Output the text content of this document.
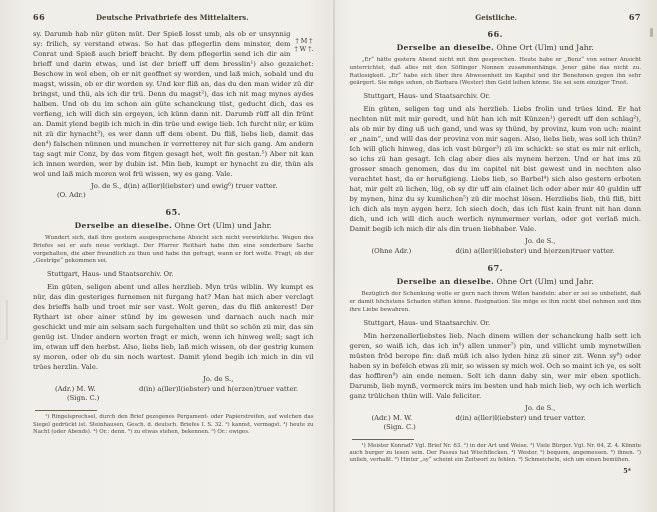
66	Deutsche Privatbriefe des Mittelalters.

† M †
† W †.
sy. Darumb hab nür güten müt. Der Spieß losst umb, als ob er unsynnig sy: frilich, sy verstand etwas. So hat das pflegerlin dem minster, dem Conrat und Spieß auch brieff bracht. By dem pflegerlin send ich dir ain brieff und darin etwas, und ist der brieff uff dem bresslin¹) also gezaichet: Beschow in wol eben, ob er nit geoffnet sy worden, und laß mich, sobald und du magst, wissin, ob er dir worden sy. Und ker fliß an, das du den man wider zü dir bringst, und thü, als ich dir trü. Denn du magst²), das ich nit mag mynes aydes halben. Und ob du im schon ain güte schanckung tüst, geducht dich, das es verfieng, ich will dich sin ergeyen, ich künn dann nit. Darumb rüff all din frünt an. Damit ylend begib ich mich in din trüe und ewige lieb. Ich furcht nür, er küm nit zü dir hynacht³), es wer dann uff dem obent. Du fliß, liebs lieb, damit das den⁴) falschen nünnen und munchen ir verretterey nit fur sich gang. Am andern tag sagt mir Conz, by das vom fitgen gesagt het, wolt fin gestan.⁵) Aber nit kan ich innen werden, wer by dubin ist. Min lieb, kumpt er hynacht zu dir, thün als wol und laß mich moren wol frü wissen, wy es gang. Vale.

Jo. de S., d(in) a(ller)l(iebster) und ewig⁶) truer vatter.
(O. Adr.)
65.
Derselbe an dieselbe. Ohne Ort (Ulm) und Jahr.

Wundert sich, daß ihre gestern ausgesprochene Absicht sich nicht verwirkliche. Wegen des Briefes sei er aufs neue verklagt. Der Pfarrer Reithart habe ihm eine sonderbare Sache vorgehalten, die aber freundlich zu thun und habe ihn gefragt, wann er fort wolle. Fragt, ob der „Gestrige“ gekommen sei.

Stuttgart, Haus- und Staatsarchiv. Or.

Ein güten, seligen abent und alles herzlieb. Myn trüs wiblin. Wy kumpt es nür, das din gesteriges furnemen nit furgang hat? Man hat mich aber verclagt des brieffs halb und troet mir ser vast. Wolt geren, das du fliß ankerest! Der Rythart ist ober ainer stünd by im gewesen und darnach auch nach mir geschickt und mir ain selsam sach furgehalten und thüt so schön zü mir, das sin genüg ist. Under andern worten fragt er mich, wenn ich hinweg well; sagt ich im, etwan uff den herbst. Also, liebs lieb, laß mich wissen, ob der gestrig kumen sy moren, oder ob du sin noch wartest. Damit ylend begib ich mich in din vil trües herzlin. Vale.

Jo. de S.,
(Adr.) M. W.	d(in) a(ller)l(iebster) und h(erzen)truer vatter.
(Sign. C.)

¹) Ringelsprechsel, durch den Brief gezogenes Pergament- oder Papierstreifen, auf welchen das Siegel gedrückt ist. Steinhausen, Gesch. d. deutsch. Briefes I. S. 32. ²) kannst, vermagst. ³) heute zu Nacht (oder Abends). ⁴) Or.: denn. ⁵) zu etwas stehen, bekennen. ⁶) Or.: ewiges.

Geistliche.	67
66.
Derselbe an dieselbe. Ohne Ort (Ulm) und Jahr.

„Er“ hätte gestern Abend nicht mit ihm gesprochen. Heute habe er „Benz“ von seiner Ansicht unterrichtet, daß alles mit den Söflinger Nonnen zusammenhänge. Jener gäbe das nicht zu. Ratlosigkeit. „Er“ habe sich über ihre Abwesenheit im Kapitel und ihr Benehmen gegen ihn sehr geärgert. Sie möge sehen, ob Barbara (Wester) ihm Geld leihen könne. Sie sei sein einziger Trost.

Stuttgart, Haus- und Staatsarchiv. Or.

Ein güten, seligen tag und als herzlieb. Liebs frolin und trües kind. Er hat nechten nüt mit mir geredt, und hüt han ich mit Künzen¹) geredt uff den schlag²), als ob mir by ding uß uch gand, und was sy thünd, by provinz, kum von uch: maint er „nain“, und will das der provinz von mir sagen. Also, liebs lieb, was soll ich thün? Ich will glich hinweg, das ich vast bürger³) zü im schickt: so stat es mir nit erlich, so ichs zü han gesagt. Ich clag aber dies als mynem herzen. Und er hat ims zü grosser smach genomen, das du im capitel nit bist gewest und in nechten also verachtet hast, da er herußgieng. Liebs lieb, so Barbel⁴) sich also gestern erboten hat, mir gelt zü lichen, lüg, ob sy dir uff ain clainet lich oder aber mir 40 guldin uff by mynen, hinz du sy kumlichen⁵) zü dir mochst lösen. Herzliebs lieb, thü fliß, bitt ich dich als myn aygen herz. Ich siech doch, das ich füst kain frunt nit han dann dich, und ich will dich auch werlich nymmermer verlan, oder got verlaß mich. Damit begib ich mich dir als din truen liebhaber. Vale.

Jo. de S.,
(Ohne Adr.)	d(in) a(ller)l(iebster) und h(erzen)truer vatter.
67.
Derselbe an dieselbe. Ohne Ort (Ulm) und Jahr.

Bezüglich der Schenkung wolle er gern nach ihrem Willen handeln: aber er sei so unbeliebt, daß er damit höchstens Schaden stiften könne. Resignation. Sie möge es ihm nicht übel nehmen und ihm ihre Liebe bewahren.

Stuttgart, Haus- und Staatsarchiv. Or.

Min herzenallerliebstes lieb. Nach dinem willen der schanckung halb sett ich geren, so waiß ich, das ich in⁶) allen unmer⁷) pin, und villicht umb mynetwillen müsten fröd berope fin: daß müß ich also lyden hinz zü siner zit. Wenn sy⁸) oder haben sy in befelch etwas zü mir, so wissen sy mich wol. Och so maint ich ye, es solt das hoffiren⁹) ain ende nemen. Solt ich dann daby sin, wer mir eben spotlich. Darumb, lieb mynß, vermerck mirs im besten und hab mich lieb, wy och ich werlich ganz trülichen thün will. Vale feliciter.

Jo. de S.,
(Adr.) M. W.	d(in) a(ller)l(iebster) und truer vatter.
(Sign. C.)

¹) Meister Konrad? Vgl. Brief Nr. 63. ²) in der Art und Weise. ³) Viele Bürger. Vgl. Nr. 64, Z. 4. Könnte auch burger zu lesen sein. Der Passus hat Wischflecken. ⁴) Wester. ⁵) bequem, angemessen. ⁶) ihnen. ⁷) unlieb, verhaßt. ⁸) Hinter „sy“ scheint ein Zeitwort zu fehlen. ⁹) Schmeicheln, sich um einen bemühen.

5*
